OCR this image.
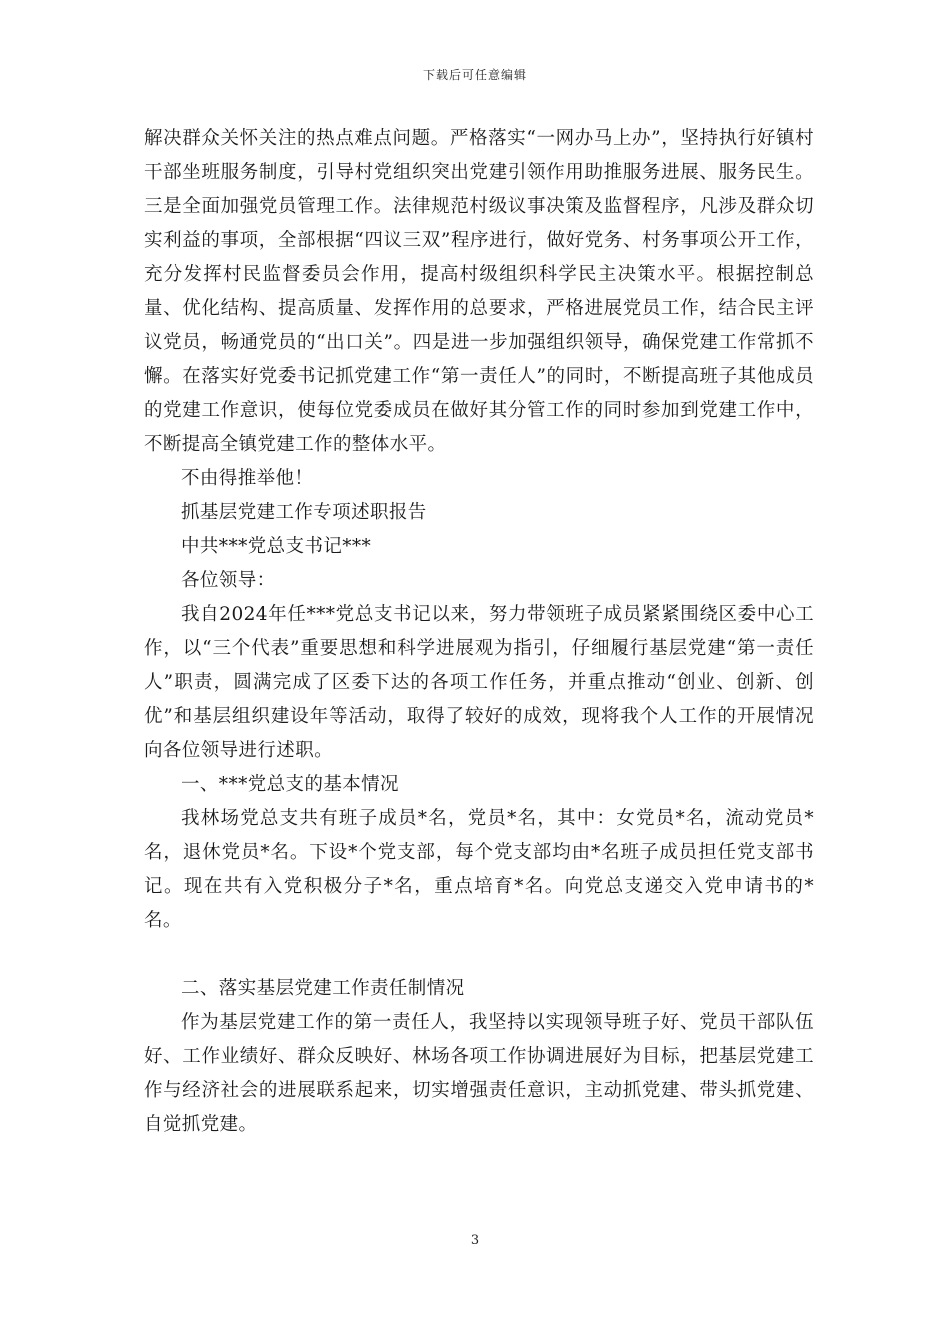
下载后可任意编辑

解决群众关怀关注的热点难点问题。严格落实“一网办马上办”，坚持执行好镇村干部坐班服务制度，引导村党组织突出党建引领作用助推服务进展、服务民生。三是全面加强党员管理工作。法律规范村级议事决策及监督程序，凡涉及群众切实利益的事项，全部根据“四议三双”程序进行，做好党务、村务事项公开工作，充分发挥村民监督委员会作用，提高村级组织科学民主决策水平。根据控制总量、优化结构、提高质量、发挥作用的总要求，严格进展党员工作，结合民主评议党员，畅通党员的“出口关”。四是进一步加强组织领导，确保党建工作常抓不懈。在落实好党委书记抓党建工作“第一责任人”的同时，不断提高班子其他成员的党建工作意识，使每位党委成员在做好其分管工作的同时参加到党建工作中，不断提高全镇党建工作的整体水平。

不由得推举他！

抓基层党建工作专项述职报告

中共***党总支书记***

各位领导：

我自2024年任***党总支书记以来，努力带领班子成员紧紧围绕区委中心工作，以“三个代表”重要思想和科学进展观为指引，仔细履行基层党建“第一责任人”职责，圆满完成了区委下达的各项工作任务，并重点推动“创业、创新、创优”和基层组织建设年等活动，取得了较好的成效，现将我个人工作的开展情况向各位领导进行述职。

一、***党总支的基本情况

我林场党总支共有班子成员*名，党员*名，其中：女党员*名，流动党员*名，退休党员*名。下设*个党支部，每个党支部均由*名班子成员担任党支部书记。现在共有入党积极分子*名，重点培育*名。向党总支递交入党申请书的*名。

二、落实基层党建工作责任制情况

作为基层党建工作的第一责任人，我坚持以实现领导班子好、党员干部队伍好、工作业绩好、群众反映好、林场各项工作协调进展好为目标，把基层党建工作与经济社会的进展联系起来，切实增强责任意识，主动抓党建、带头抓党建、自觉抓党建。

3
